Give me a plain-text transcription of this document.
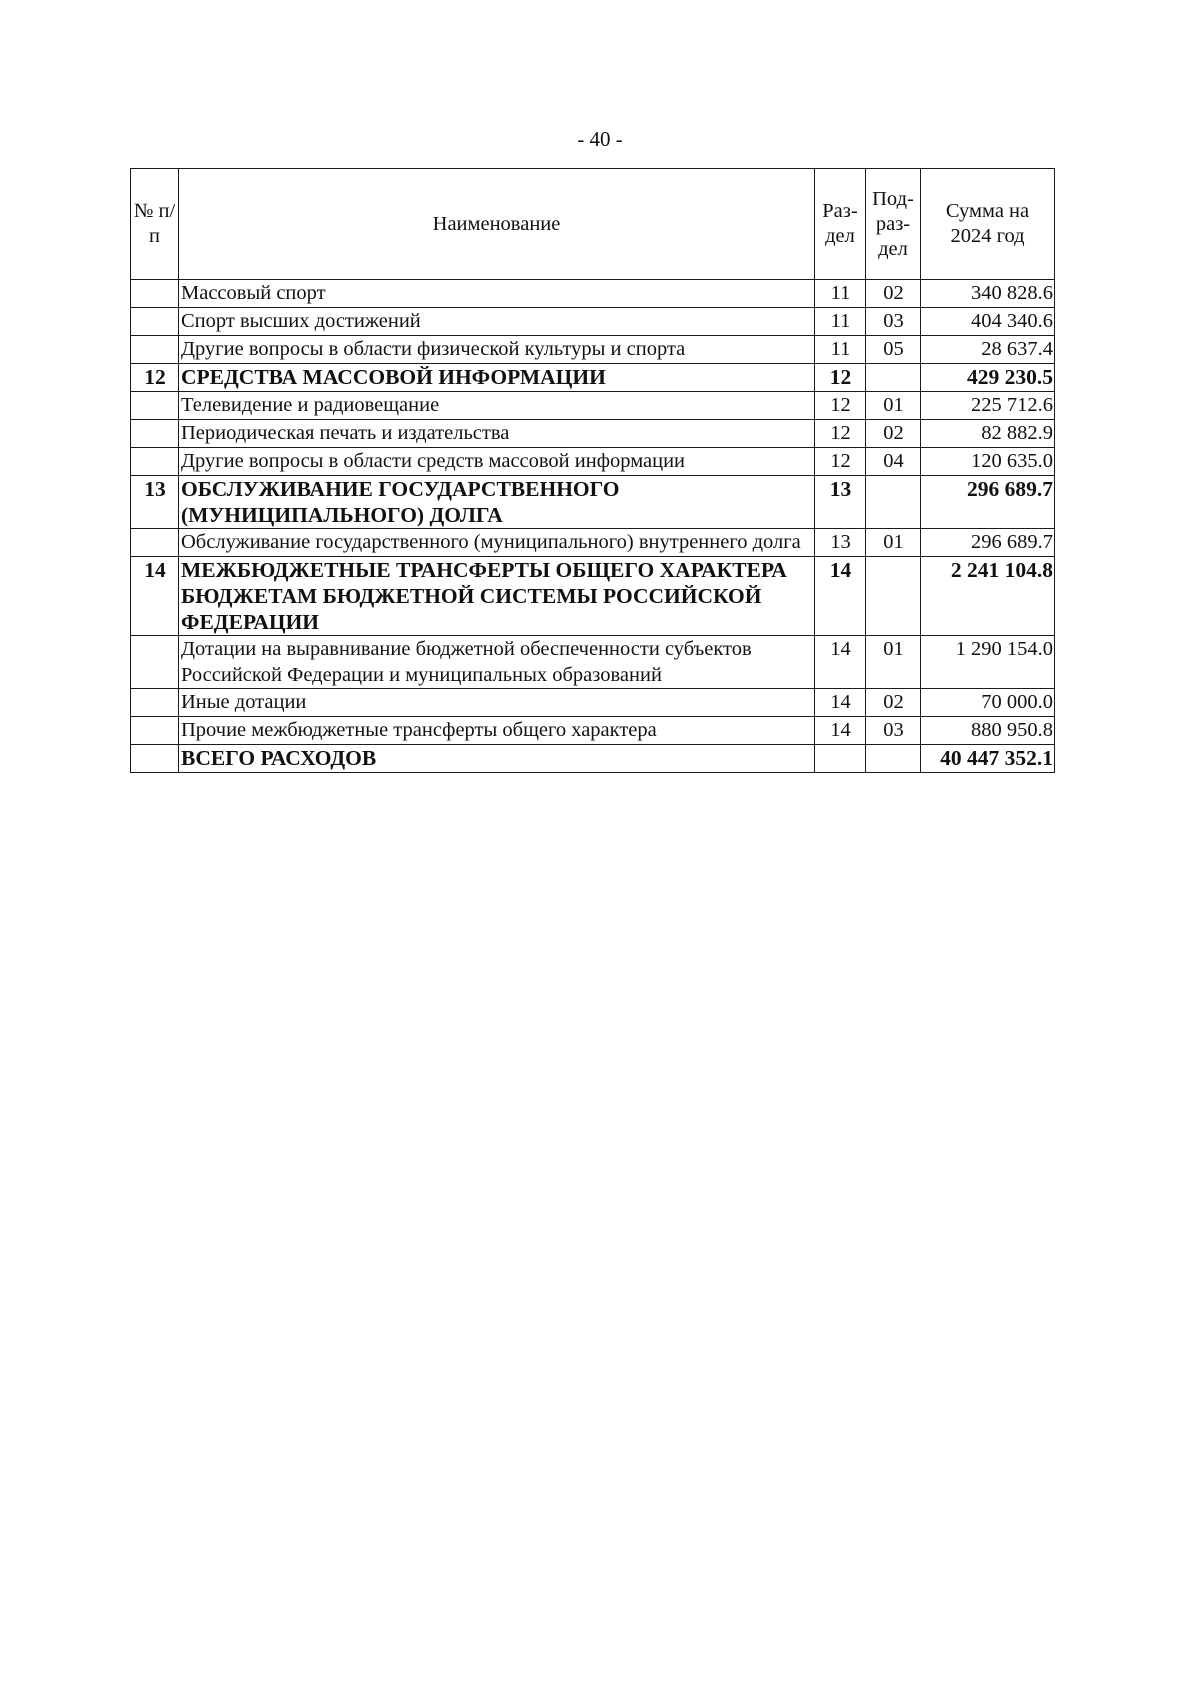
- 40 -
№ п/п	Наименование	Раз- дел	Под- раз- дел	Сумма на 2024 год

	Массовый спорт	11	02	340 828.6
	Спорт высших достижений	11	03	404 340.6
	Другие вопросы в области физической культуры и спорта	11	05	28 637.4
12	СРЕДСТВА МАССОВОЙ ИНФОРМАЦИИ	12		429 230.5
	Телевидение и радиовещание	12	01	225 712.6
	Периодическая печать и издательства	12	02	82 882.9
	Другие вопросы в области средств массовой информации	12	04	120 635.0
13	ОБСЛУЖИВАНИЕ ГОСУДАРСТВЕННОГО (МУНИЦИПАЛЬНОГО) ДОЛГА	13		296 689.7
	Обслуживание государственного (муниципального) внутреннего долга	13	01	296 689.7
14	МЕЖБЮДЖЕТНЫЕ ТРАНСФЕРТЫ ОБЩЕГО ХАРАКТЕРА БЮДЖЕТАМ БЮДЖЕТНОЙ СИСТЕМЫ РОССИЙСКОЙ ФЕДЕРАЦИИ	14		2 241 104.8
	Дотации на выравнивание бюджетной обеспеченности субъектов Российской Федерации и муниципальных образований	14	01	1 290 154.0
	Иные дотации	14	02	70 000.0
	Прочие межбюджетные трансферты общего характера	14	03	880 950.8
	ВСЕГО РАСХОДОВ			40 447 352.1
